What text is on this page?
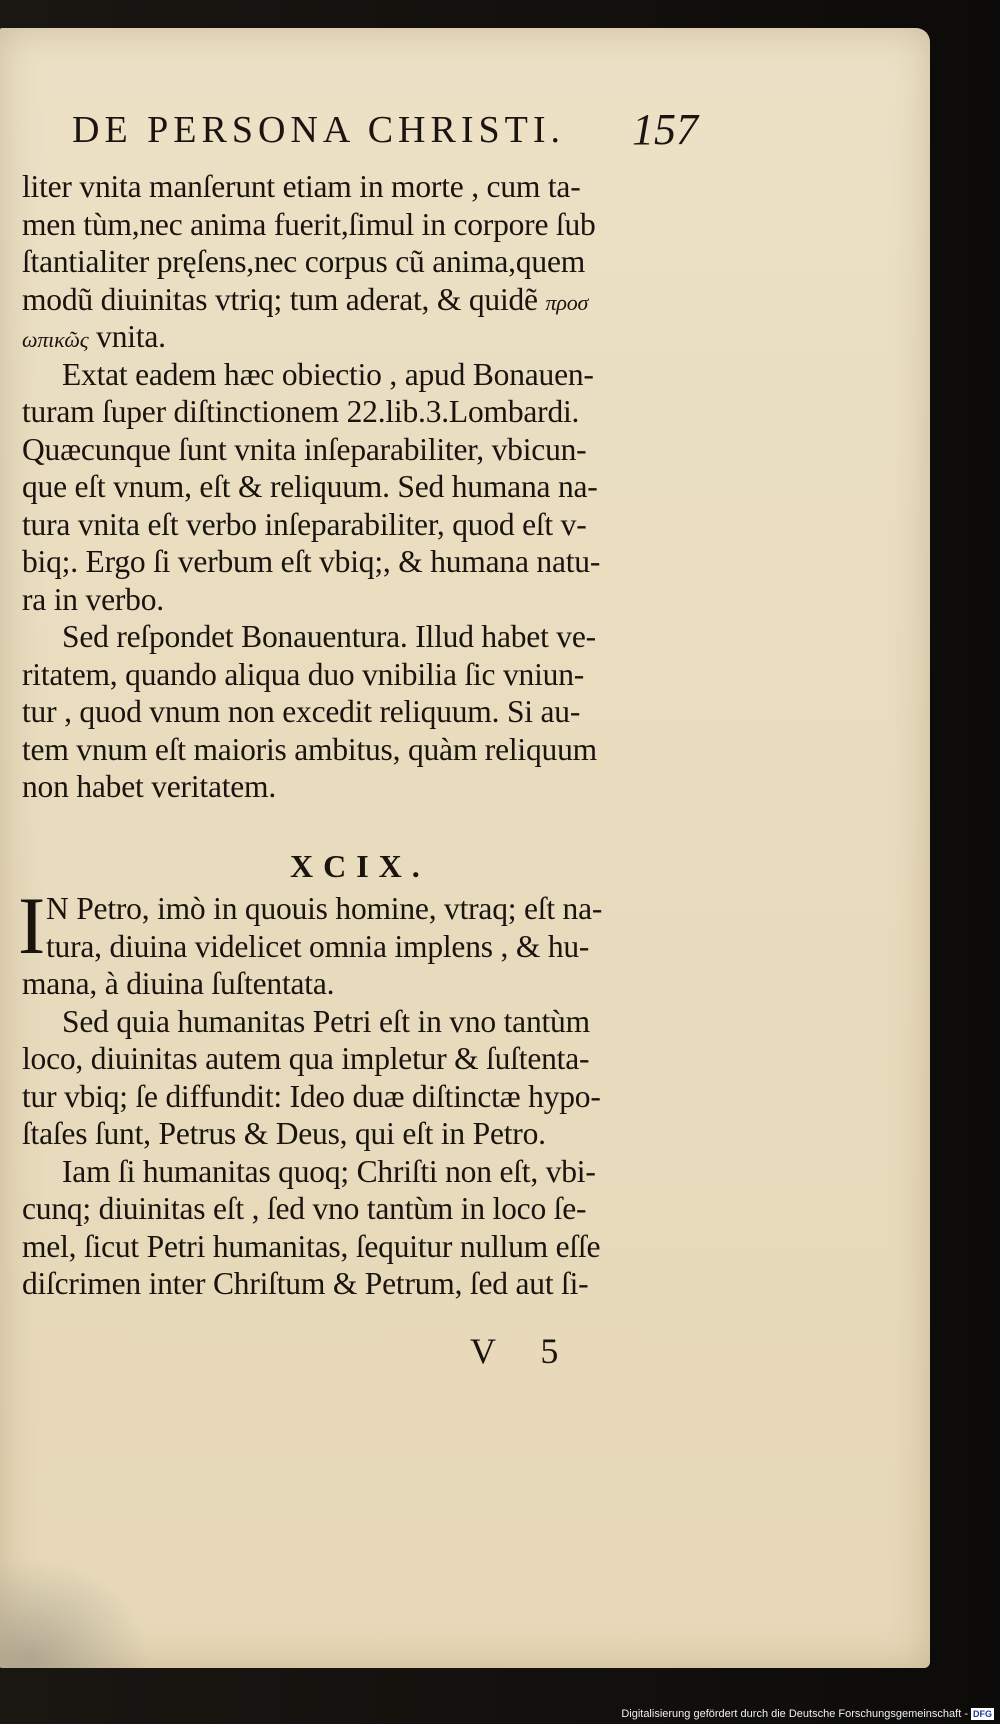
DE PERSONA CHRISTI.	157
liter vnita manſerunt etiam in morte , cum ta-
men tùm,nec anima fuerit,ſimul in corpore ſub
ſtantialiter pręſens,nec corpus cũ anima,quem
modũ diuinitas vtriq; tum aderat, & quidẽ προσ
ωπικῶς vnita.
Extat eadem hæc obiectio , apud Bonauen-
turam ſuper diſtinctionem 22.lib.3.Lombardi.
Quæcunque ſunt vnita inſeparabiliter, vbicun-
que eſt vnum, eſt & reliquum. Sed humana na-
tura vnita eſt verbo inſeparabiliter, quod eſt v-
biq;. Ergo ſi verbum eſt vbiq;, & humana natu-
ra in verbo.
Sed reſpondet Bonauentura. Illud habet ve-
ritatem, quando aliqua duo vnibilia ſic vniun-
tur , quod vnum non excedit reliquum. Si au-
tem vnum eſt maioris ambitus, quàm reliquum
non habet veritatem.
XCIX.
I N Petro, imò in quouis homine, vtraq; eſt na-
tura, diuina videlicet omnia implens , & hu-
mana, à diuina ſuſtentata.
Sed quia humanitas Petri eſt in vno tantùm
loco, diuinitas autem qua impletur & ſuſtenta-
tur vbiq; ſe diffundit: Ideo duæ diſtinctæ hypo-
ſtaſes ſunt, Petrus & Deus, qui eſt in Petro.
Iam ſi humanitas quoq; Chriſti non eſt, vbi-
cunq; diuinitas eſt , ſed vno tantùm in loco ſe-
mel, ſicut Petri humanitas, ſequitur nullum eſſe
diſcrimen inter Chriſtum & Petrum, ſed aut ſi-
V 5
Digitalisierung gefördert durch die Deutsche Forschungsgemeinschaft - DFG
